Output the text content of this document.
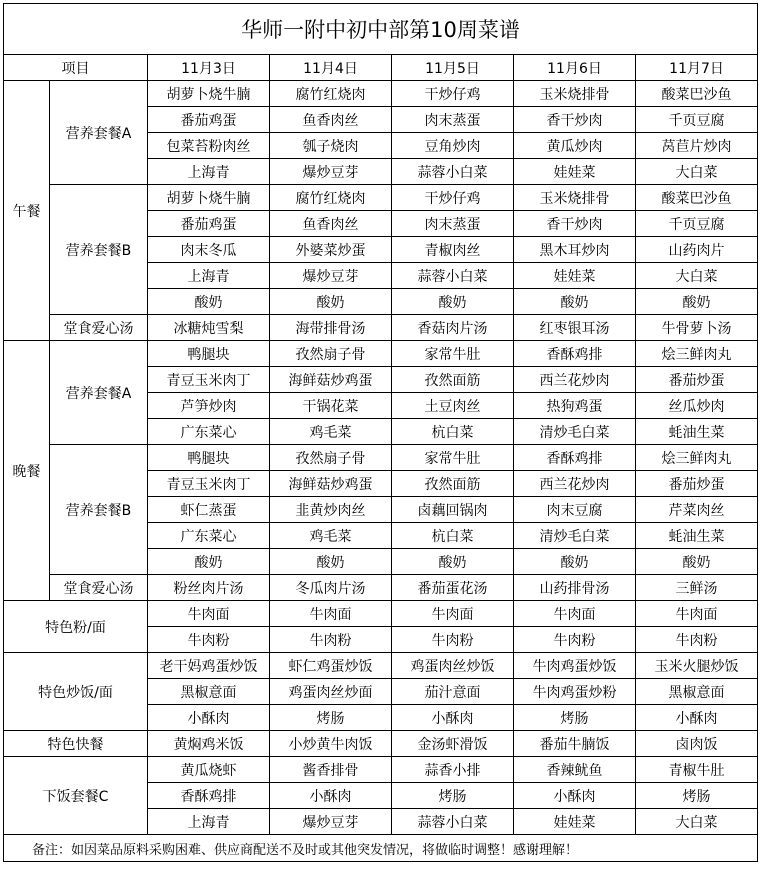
华师一附中初中部第10周菜谱						
项目		11月3日	11月4日	11月5日	11月6日	11月7日
午餐	营养套餐A	胡萝卜烧牛腩	腐竹红烧肉	干炒仔鸡	玉米烧排骨	酸菜巴沙鱼
		番茄鸡蛋	鱼香肉丝	肉末蒸蛋	香干炒肉	千页豆腐
		包菜苔粉肉丝	瓠子烧肉	豆角炒肉	黄瓜炒肉	莴苣片炒肉
		上海青	爆炒豆芽	蒜蓉小白菜	娃娃菜	大白菜
	营养套餐B	胡萝卜烧牛腩	腐竹红烧肉	干炒仔鸡	玉米烧排骨	酸菜巴沙鱼
		番茄鸡蛋	鱼香肉丝	肉末蒸蛋	香干炒肉	千页豆腐
		肉末冬瓜	外婆菜炒蛋	青椒肉丝	黑木耳炒肉	山药肉片
		上海青	爆炒豆芽	蒜蓉小白菜	娃娃菜	大白菜
		酸奶	酸奶	酸奶	酸奶	酸奶
	堂食爱心汤	冰糖炖雪梨	海带排骨汤	香菇肉片汤	红枣银耳汤	牛骨萝卜汤
晚餐	营养套餐A	鸭腿块	孜然扇子骨	家常牛肚	香酥鸡排	烩三鲜肉丸
		青豆玉米肉丁	海鲜菇炒鸡蛋	孜然面筋	西兰花炒肉	番茄炒蛋
		芦笋炒肉	干锅花菜	土豆肉丝	热狗鸡蛋	丝瓜炒肉
		广东菜心	鸡毛菜	杭白菜	清炒毛白菜	蚝油生菜
	营养套餐B	鸭腿块	孜然扇子骨	家常牛肚	香酥鸡排	烩三鲜肉丸
		青豆玉米肉丁	海鲜菇炒鸡蛋	孜然面筋	西兰花炒肉	番茄炒蛋
		虾仁蒸蛋	韭黄炒肉丝	卤藕回锅肉	肉末豆腐	芹菜肉丝
		广东菜心	鸡毛菜	杭白菜	清炒毛白菜	蚝油生菜
		酸奶	酸奶	酸奶	酸奶	酸奶
	堂食爱心汤	粉丝肉片汤	冬瓜肉片汤	番茄蛋花汤	山药排骨汤	三鲜汤
特色粉/面		牛肉面	牛肉面	牛肉面	牛肉面	牛肉面
		牛肉粉	牛肉粉	牛肉粉	牛肉粉	牛肉粉
特色炒饭/面		老干妈鸡蛋炒饭	虾仁鸡蛋炒饭	鸡蛋肉丝炒饭	牛肉鸡蛋炒饭	玉米火腿炒饭
		黑椒意面	鸡蛋肉丝炒面	茄汁意面	牛肉鸡蛋炒粉	黑椒意面
		小酥肉	烤肠	小酥肉	烤肠	小酥肉
特色快餐		黄焖鸡米饭	小炒黄牛肉饭	金汤虾滑饭	番茄牛腩饭	卤肉饭
下饭套餐C		黄瓜烧虾	酱香排骨	蒜香小排	香辣鱿鱼	青椒牛肚
		香酥鸡排	小酥肉	烤肠	小酥肉	烤肠
		上海青	爆炒豆芽	蒜蓉小白菜	娃娃菜	大白菜
备注：如因菜品原料采购困难、供应商配送不及时或其他突发情况，将做临时调整！感谢理解！						
